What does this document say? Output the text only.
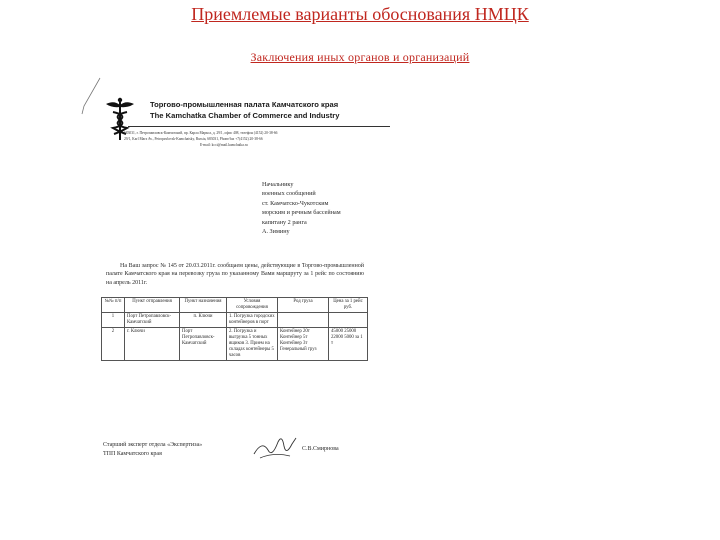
Приемлемые варианты обоснования НМЦК
Заключения иных органов и организаций
Торгово-промышленная палата Камчатского края
The Kamchatka Chamber of Commerce and Industry
683031, г. Петропавловск-Камчатский, пр. Карла Маркса, д. 29/1, офис 408, телефон (4152) 20-38-66
29/1, Karl Marx Av., Petropavlovsk-Kamchatsky, Russia, 683031, Phone/fax +7(4152) 20-38-66
E-mail: kcci@mail.kamchatka.ru
Начальнику
военных сообщений
ст. Камчатско-Чукотским
морским и речным бассейнам
капитану 2 ранга
А. Зимину
На Ваш запрос № 145 от 20.03.2011г. сообщаем цены, действующие в Торгово-промышленной палате Камчатского края на перевозку груза по указанному Вами маршруту за 1 рейс по состоянию на апрель 2011г.
№№ п/п	Пункт отправления	Пункт назначения	Условия сопровождения	Род груза	Цена за 1 рейс руб.
1	Порт Петропавловск-Камчатский	п. Ключи	1. Погрузка городских контейнеров в порт		
2	г. Ключи	Порт Петропавловск-Камчатский	2. Погрузка и выгрузка 5 тонных ящиков 3. Прием на складах контейнеры 5 часов	Контейнер 20т Контейнер 5т Контейнер 3т Генеральный груз	45000 25000 22000 5000 за 1 т
Старший эксперт отдела «Экспертиза»
ТПП Камчатского края
С.В.Смирнова
